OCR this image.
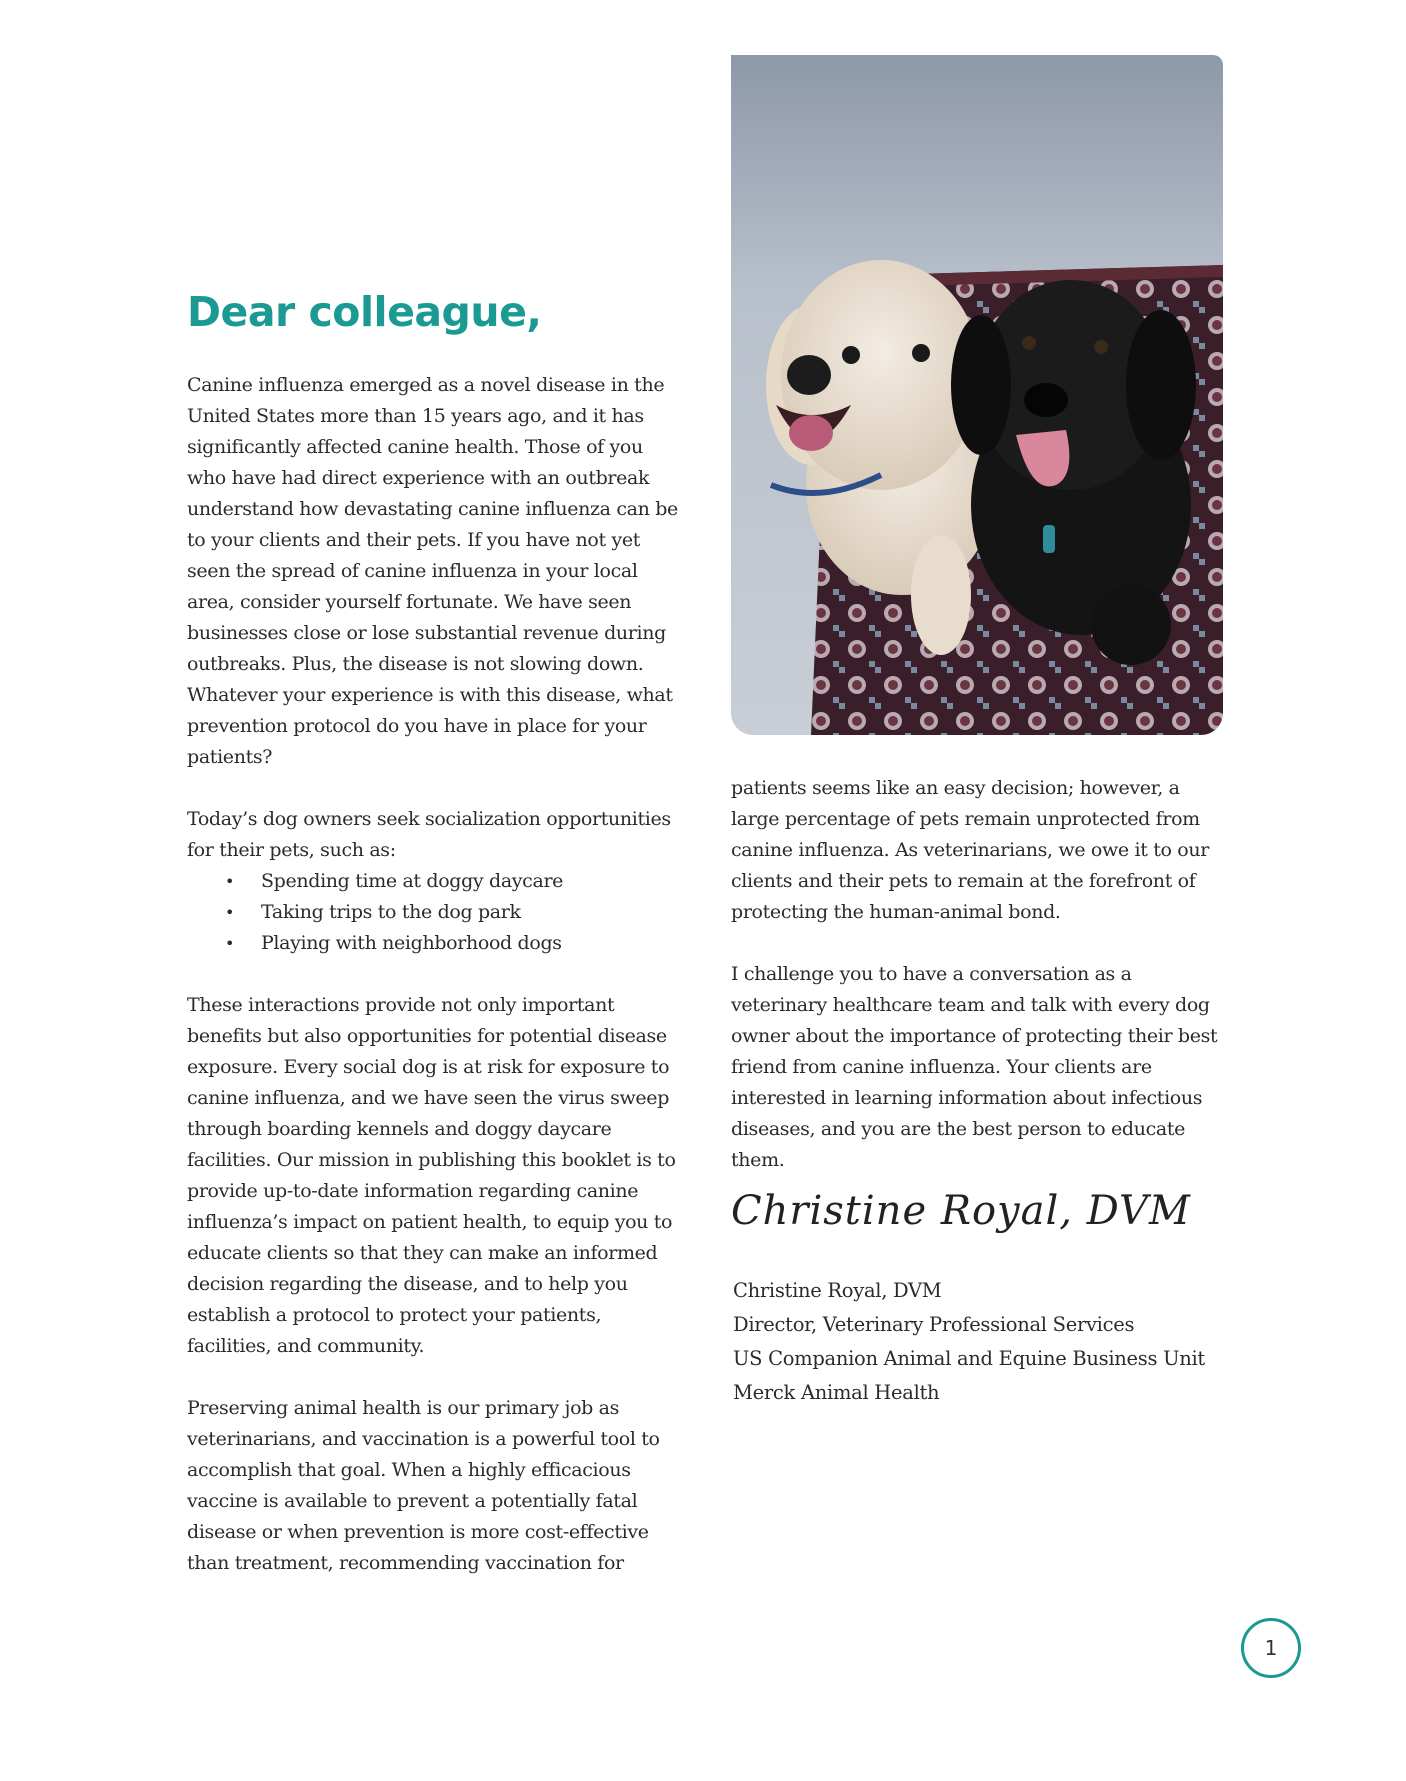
Dear colleague,

Canine influenza emerged as a novel disease in the United States more than 15 years ago, and it has significantly affected canine health. Those of you who have had direct experience with an outbreak understand how devastating canine influenza can be to your clients and their pets. If you have not yet seen the spread of canine influenza in your local area, consider yourself fortunate. We have seen businesses close or lose substantial revenue during outbreaks. Plus, the disease is not slowing down. Whatever your experience is with this disease, what prevention protocol do you have in place for your patients?

Today’s dog owners seek socialization opportunities for their pets, such as:

• Spending time at doggy daycare
• Taking trips to the dog park
• Playing with neighborhood dogs

These interactions provide not only important benefits but also opportunities for potential disease exposure. Every social dog is at risk for exposure to canine influenza, and we have seen the virus sweep through boarding kennels and doggy daycare facilities. Our mission in publishing this booklet is to provide up-to-date information regarding canine influenza’s impact on patient health, to equip you to educate clients so that they can make an informed decision regarding the disease, and to help you establish a protocol to protect your patients, facilities, and community.

Preserving animal health is our primary job as veterinarians, and vaccination is a powerful tool to accomplish that goal. When a highly efficacious vaccine is available to prevent a potentially fatal disease or when prevention is more cost-effective than treatment, recommending vaccination for

patients seems like an easy decision; however, a large percentage of pets remain unprotected from canine influenza. As veterinarians, we owe it to our clients and their pets to remain at the forefront of protecting the human-animal bond.

I challenge you to have a conversation as a veterinary healthcare team and talk with every dog owner about the importance of protecting their best friend from canine influenza. Your clients are interested in learning information about infectious diseases, and you are the best person to educate them.

Christine Royal, DVM
Christine Royal, DVM
Director, Veterinary Professional Services
US Companion Animal and Equine Business Unit
Merck Animal Health
1
